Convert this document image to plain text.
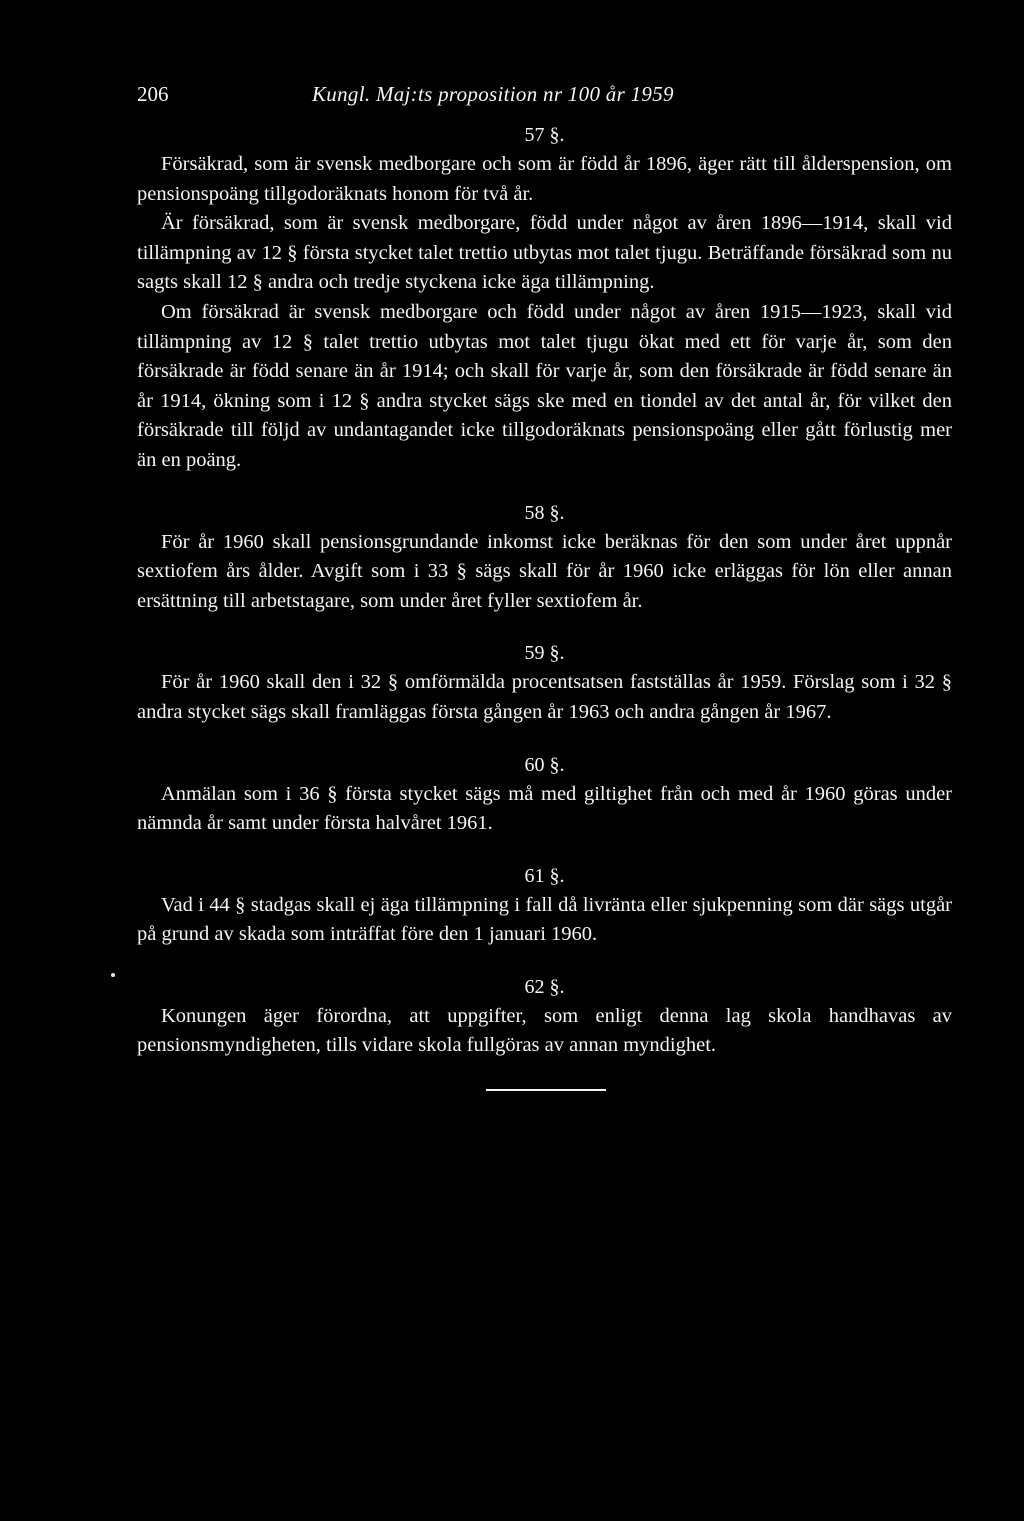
206	Kungl. Maj:ts proposition nr 100 år 1959

57 §.

Försäkrad, som är svensk medborgare och som är född år 1896, äger rätt till ålderspension, om pensionspoäng tillgodoräknats honom för två år.

Är försäkrad, som är svensk medborgare, född under något av åren 1896—1914, skall vid tillämpning av 12 § första stycket talet trettio utbytas mot talet tjugu. Beträffande försäkrad som nu sagts skall 12 § andra och tredje styckena icke äga tillämpning.

Om försäkrad är svensk medborgare och född under något av åren 1915—1923, skall vid tillämpning av 12 § talet trettio utbytas mot talet tjugu ökat med ett för varje år, som den försäkrade är född senare än år 1914; och skall för varje år, som den försäkrade är född senare än år 1914, ökning som i 12 § andra stycket sägs ske med en tiondel av det antal år, för vilket den försäkrade till följd av undantagandet icke tillgodoräknats pensionspoäng eller gått förlustig mer än en poäng.

58 §.

För år 1960 skall pensionsgrundande inkomst icke beräknas för den som under året uppnår sextiofem års ålder. Avgift som i 33 § sägs skall för år 1960 icke erläggas för lön eller annan ersättning till arbetstagare, som under året fyller sextiofem år.

59 §.

För år 1960 skall den i 32 § omförmälda procentsatsen fastställas år 1959. Förslag som i 32 § andra stycket sägs skall framläggas första gången år 1963 och andra gången år 1967.

60 §.

Anmälan som i 36 § första stycket sägs må med giltighet från och med år 1960 göras under nämnda år samt under första halvåret 1961.

61 §.

Vad i 44 § stadgas skall ej äga tillämpning i fall då livränta eller sjukpenning som där sägs utgår på grund av skada som inträffat före den 1 januari 1960.

62 §.

Konungen äger förordna, att uppgifter, som enligt denna lag skola handhavas av pensionsmyndigheten, tills vidare skola fullgöras av annan myndighet.
